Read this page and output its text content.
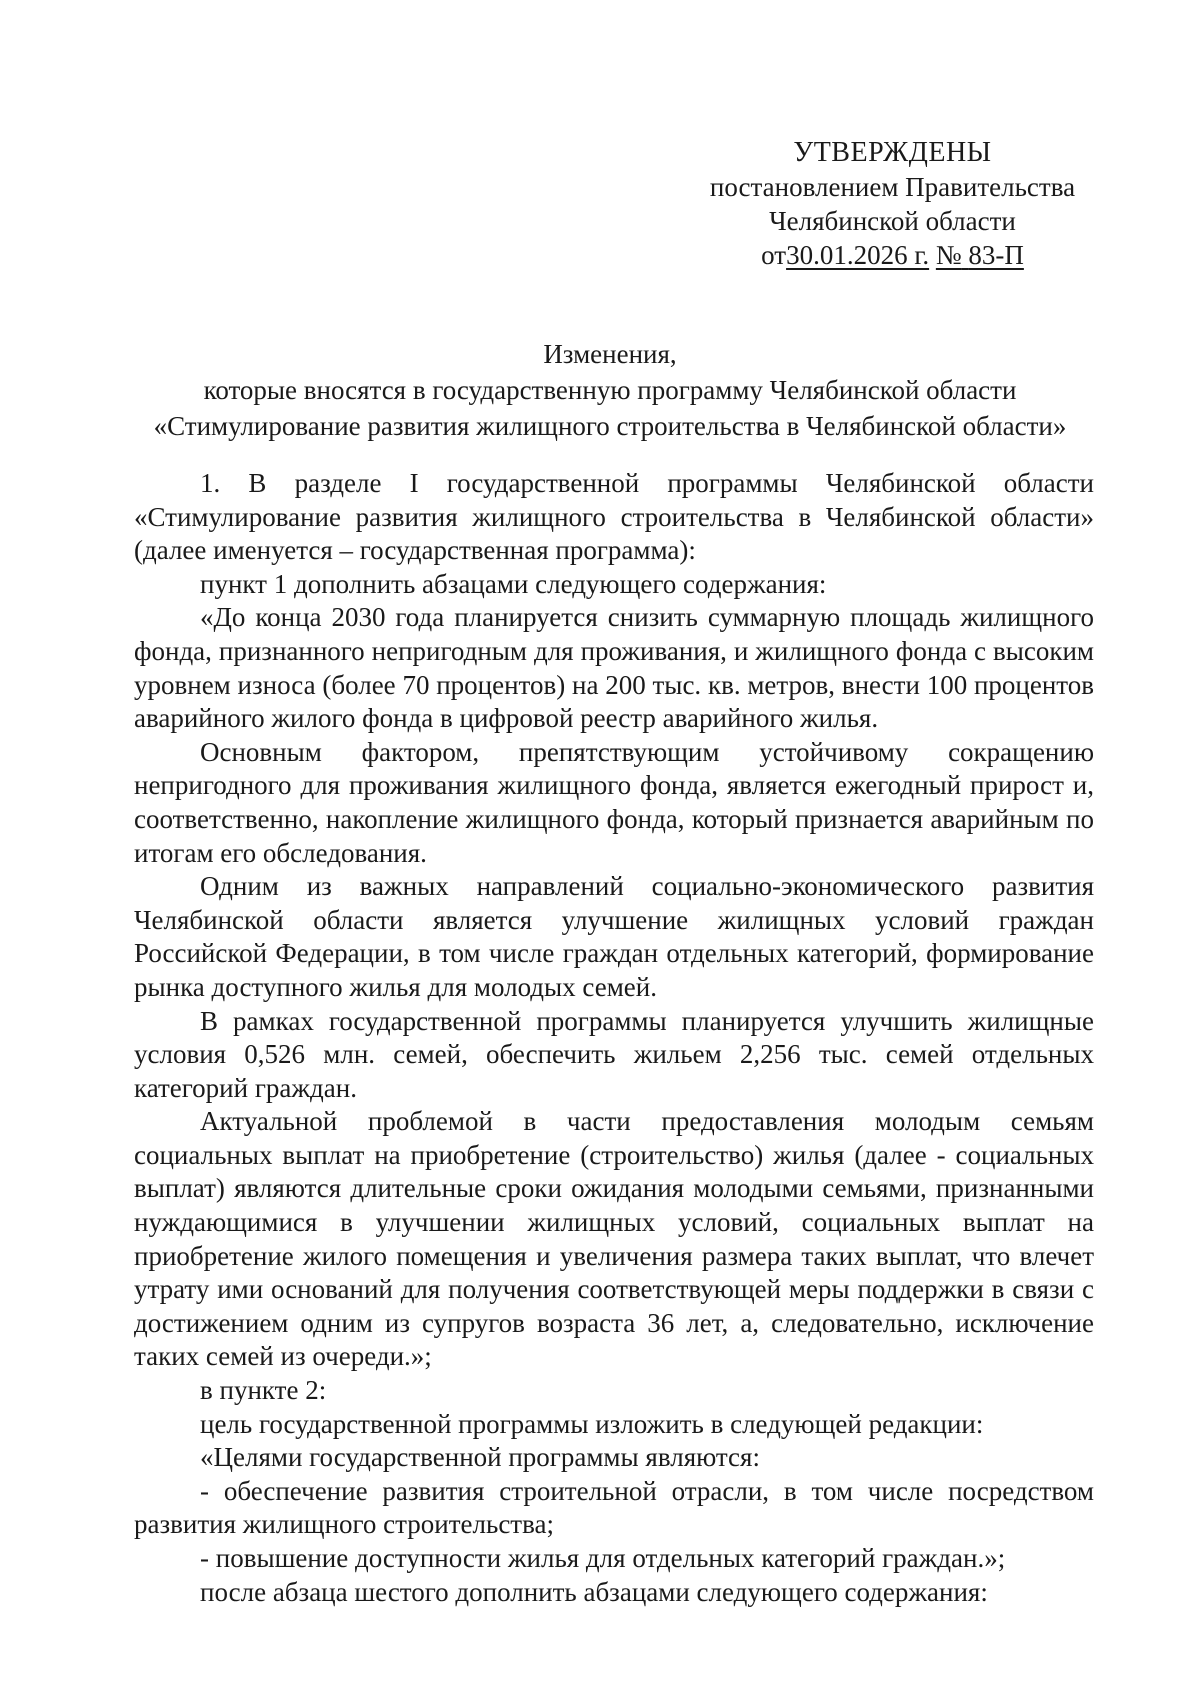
УТВЕРЖДЕНЫ
постановлением Правительства
Челябинской области
от30.01.2026 г. № 83-П
Изменения,
которые вносятся в государственную программу Челябинской области
«Стимулирование развития жилищного строительства в Челябинской области»

1. В разделе I государственной программы Челябинской области «Стимулирование развития жилищного строительства в Челябинской области» (далее именуется – государственная программа):

пункт 1 дополнить абзацами следующего содержания:

«До конца 2030 года планируется снизить суммарную площадь жилищного фонда, признанного непригодным для проживания, и жилищного фонда с высоким уровнем износа (более 70 процентов) на 200 тыс. кв. метров, внести 100 процентов аварийного жилого фонда в цифровой реестр аварийного жилья.

Основным фактором, препятствующим устойчивому сокращению непригодного для проживания жилищного фонда, является ежегодный прирост и, соответственно, накопление жилищного фонда, который признается аварийным по итогам его обследования.

Одним из важных направлений социально-экономического развития Челябинской области является улучшение жилищных условий граждан Российской Федерации, в том числе граждан отдельных категорий, формирование рынка доступного жилья для молодых семей.

В рамках государственной программы планируется улучшить жилищные условия 0,526 млн. семей, обеспечить жильем 2,256 тыс. семей отдельных категорий граждан.

Актуальной проблемой в части предоставления молодым семьям социальных выплат на приобретение (строительство) жилья (далее - социальных выплат) являются длительные сроки ожидания молодыми семьями, признанными нуждающимися в улучшении жилищных условий, социальных выплат на приобретение жилого помещения и увеличения размера таких выплат, что влечет утрату ими оснований для получения соответствующей меры поддержки в связи с достижением одним из супругов возраста 36 лет, а, следовательно, исключение таких семей из очереди.»;

в пункте 2:

цель государственной программы изложить в следующей редакции:

«Целями государственной программы являются:

- обеспечение развития строительной отрасли, в том числе посредством развития жилищного строительства;

- повышение доступности жилья для отдельных категорий граждан.»;

после абзаца шестого дополнить абзацами следующего содержания:
